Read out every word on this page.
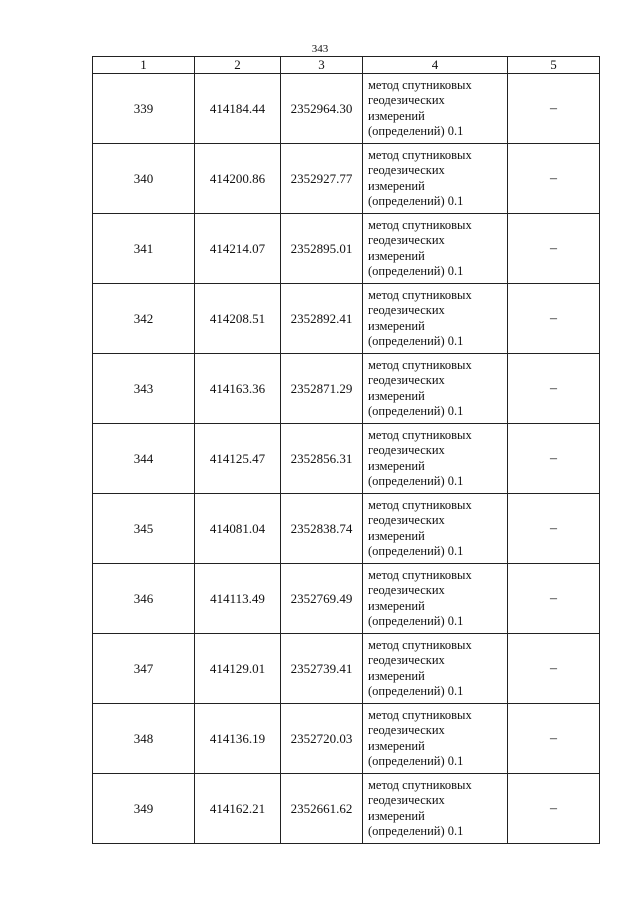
343
1	2	3	4	5
339	414184.44	2352964.30	метод спутниковых
геодезических
измерений
(определений) 0.1	–
340	414200.86	2352927.77	метод спутниковых
геодезических
измерений
(определений) 0.1	–
341	414214.07	2352895.01	метод спутниковых
геодезических
измерений
(определений) 0.1	–
342	414208.51	2352892.41	метод спутниковых
геодезических
измерений
(определений) 0.1	–
343	414163.36	2352871.29	метод спутниковых
геодезических
измерений
(определений) 0.1	–
344	414125.47	2352856.31	метод спутниковых
геодезических
измерений
(определений) 0.1	–
345	414081.04	2352838.74	метод спутниковых
геодезических
измерений
(определений) 0.1	–
346	414113.49	2352769.49	метод спутниковых
геодезических
измерений
(определений) 0.1	–
347	414129.01	2352739.41	метод спутниковых
геодезических
измерений
(определений) 0.1	–
348	414136.19	2352720.03	метод спутниковых
геодезических
измерений
(определений) 0.1	–
349	414162.21	2352661.62	метод спутниковых
геодезических
измерений
(определений) 0.1	–
